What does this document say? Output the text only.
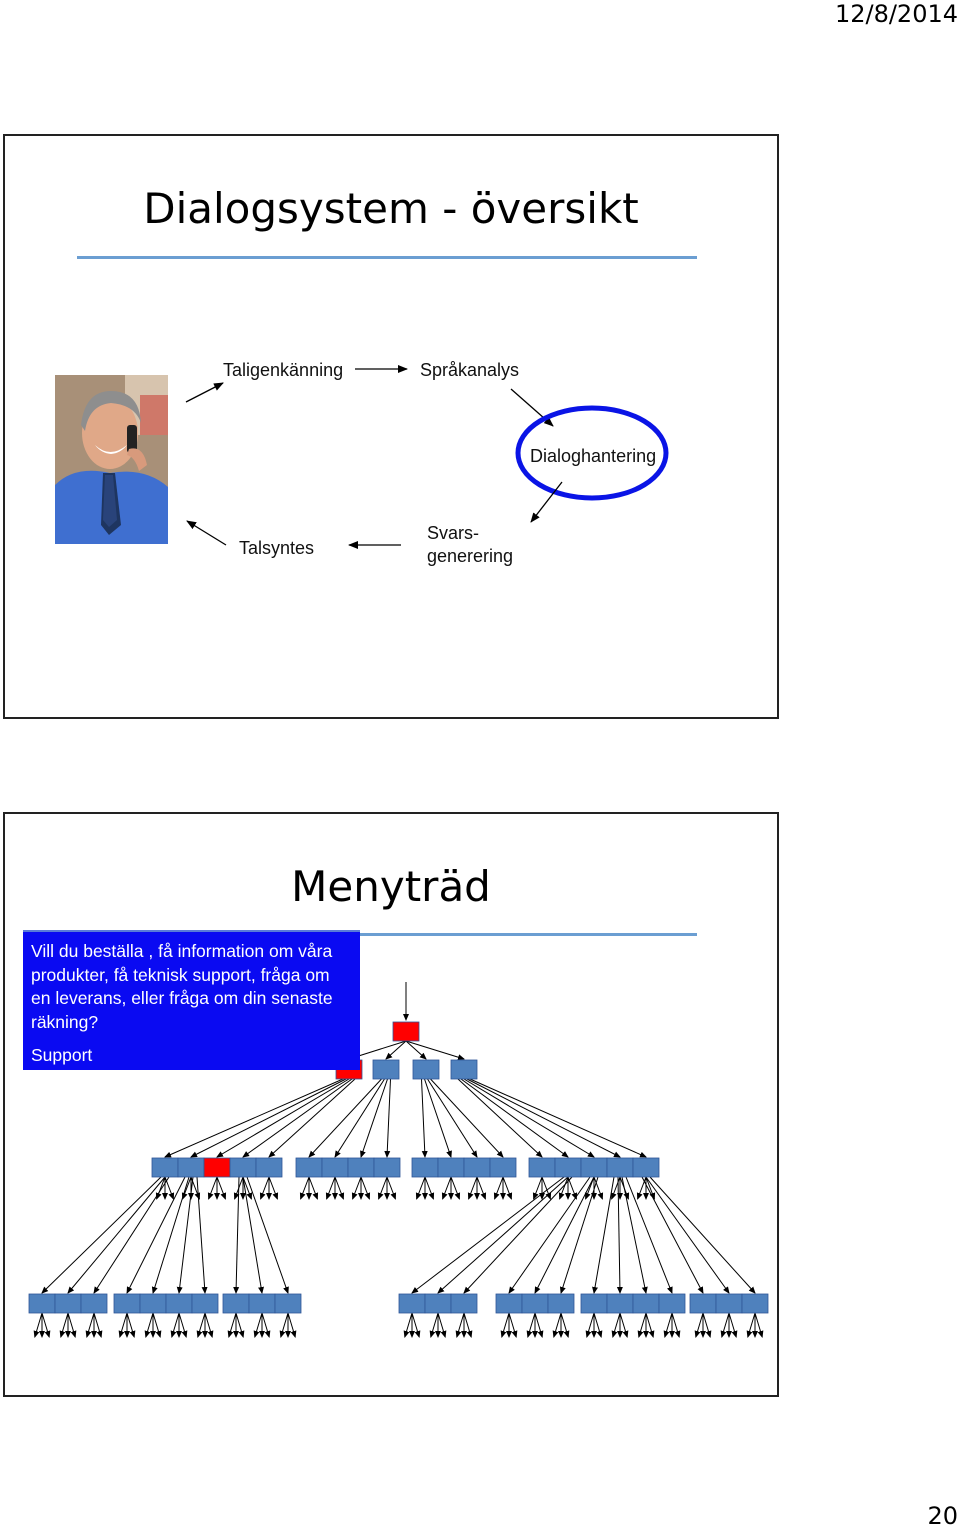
12/8/2014
Dialogsystem - översikt
Taligenkänning	Språkanalys
Dialoghantering
Svars-
generering
Talsyntes
Menyträd
Vill du beställa , få information om våra produkter, få teknisk support, fråga om en leverans, eller fråga om din senaste räkning?
Support
20
